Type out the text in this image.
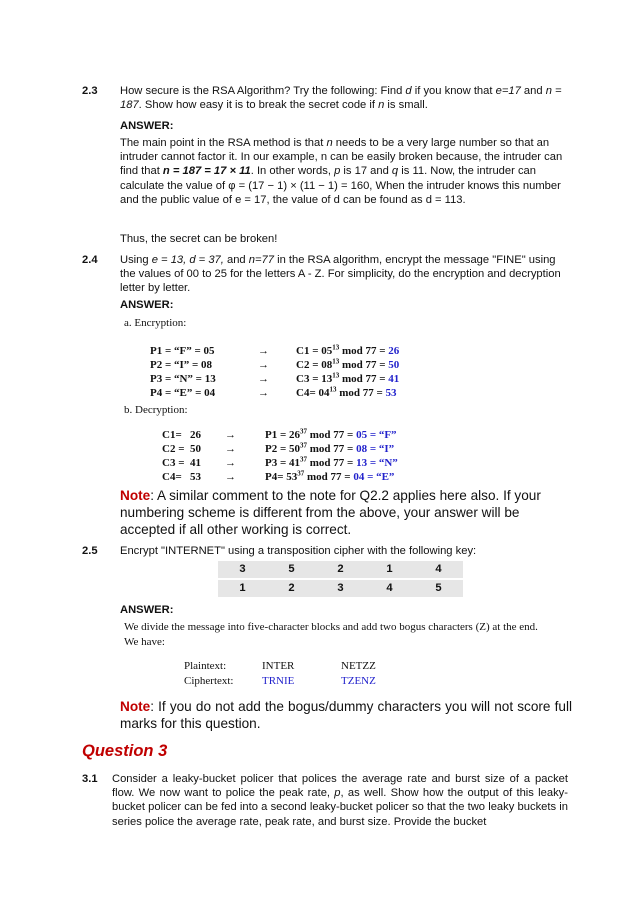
2.3 How secure is the RSA Algorithm? Try the following: Find d if you know that e=17 and n = 187. Show how easy it is to break the secret code if n is small.
ANSWER:
The main point in the RSA method is that n needs to be a very large number so that an intruder cannot factor it. In our example, n can be easily broken because, the intruder can find that n = 187 = 17 × 11. In other words, p is 17 and q is 11. Now, the intruder can calculate the value of φ = (17 − 1) × (11 − 1) = 160, When the intruder knows this number and the public value of e = 17, the value of d can be found as d = 113.
Thus, the secret can be broken!
2.4 Using e = 13, d = 37, and n=77 in the RSA algorithm, encrypt the message "FINE" using the values of 00 to 25 for the letters A - Z. For simplicity, do the encryption and decryption letter by letter.
ANSWER:
a. Encryption:
P1 = “F” = 05	→ $C1 = 05^{13}$ mod 77 = 26
P2 = “I” = 08	→ $C2 = 08^{13}$ mod 77 = 50
P3 = “N” = 13	→ $C3 = 13^{13}$ mod 77 = 41
P4 = “E” = 04	→ $C4= 04^{13}$ mod 77 = 53
b. Decryption:
C1=   26 →	$P1 = 26^{37}$ mod 77 = 05 = “F”
C2 =  50 →	$P2 = 50^{37}$ mod 77 = 08 = “I”
C3 =  41 →	$P3 = 41^{37}$ mod 77 = 13 = “N”
C4=   53 →	$P4= 53^{37}$ mod 77 = 04 = “E”
Note: A similar comment to the note for Q2.2 applies here also. If your numbering scheme is different from the above, your answer will be accepted if all other working is correct.
2.5 Encrypt "INTERNET" using a transposition cipher with the following key:
3	5	2	1	4
1	2	3	4	5
ANSWER:
We divide the message into five-character blocks and add two bogus characters (Z) at the end. We have:
Plaintext:	INTER	NETZZ
Ciphertext:	TRNIE	TZENZ
Note: If you do not add the bogus/dummy characters you will not score full marks for this question.
Question 3
3.1 Consider a leaky-bucket policer that polices the average rate and burst size of a packet flow. We now want to police the peak rate, p, as well. Show how the output of this leaky-bucket policer can be fed into a second leaky-bucket policer so that the two leaky buckets in series police the average rate, peak rate, and burst size. Provide the bucket
